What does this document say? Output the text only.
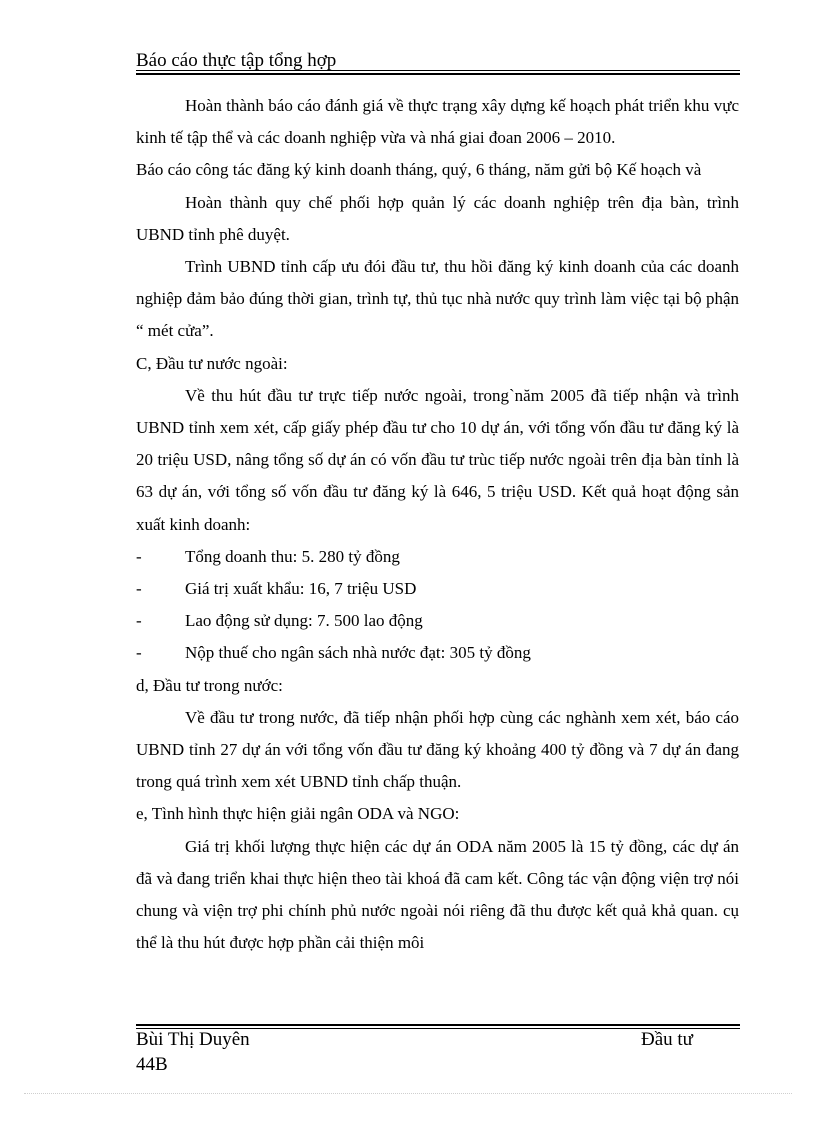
Báo cáo thực tập tổng hợp

Hoàn thành báo cáo đánh giá về thực trạng xây dựng kế hoạch phát triển khu vực kinh tế tập thể và các doanh nghiệp vừa và nhá giai đoan 2006 – 2010.

Báo cáo công tác đăng ký kinh doanh tháng, quý, 6 tháng, năm gửi bộ Kế hoạch và

Hoàn thành quy chế phối hợp quản lý các doanh nghiệp trên địa bàn, trình UBND tỉnh phê duyệt.

Trình UBND tỉnh cấp ưu đói đầu tư, thu hồi đăng ký kinh doanh của các doanh nghiệp đảm bảo đúng thời gian, trình tự, thủ tục nhà nước quy trình làm việc tại bộ phận “ mét cửa”.

C, Đầu tư nước ngoài:

Về thu hút đầu tư trực tiếp nước ngoài, trong`năm 2005 đã tiếp nhận và trình UBND tỉnh xem xét, cấp giấy phép đầu tư cho 10 dự án, với tổng vốn đầu tư đăng ký là 20 triệu USD, nâng tổng số dự án có vốn đầu tư trùc tiếp nước ngoài trên địa bàn tỉnh là 63 dự án, với tổng số vốn đầu tư đăng ký là 646, 5 triệu USD. Kết quả hoạt động sản xuất kinh doanh:

-	Tổng doanh thu: 5. 280 tỷ đồng
-	Giá trị xuất khẩu: 16, 7 triệu USD
-	Lao động sử dụng: 7. 500 lao động
-	Nộp thuế cho ngân sách nhà nước đạt: 305 tỷ đồng

d, Đầu tư trong nước:

Về đầu tư trong nước, đã tiếp nhận phối hợp cùng các nghành xem xét, báo cáo UBND tỉnh 27 dự án với tổng vốn đầu tư đăng ký khoảng 400 tỷ đồng và 7 dự án đang trong quá trình xem xét UBND tỉnh chấp thuận.

e, Tình hình thực hiện giải ngân ODA và NGO:

Giá trị khối lượng thực hiện các dự án ODA năm 2005 là 15 tỷ đồng, các dự án đã và đang triển khai thực hiện theo tài khoá đã cam kết. Công tác vận động viện trợ nói chung và viện trợ phi chính phủ nước ngoài nói riêng đã thu được kết quả khả quan. cụ thể là thu hút được hợp phần cải thiện môi

Bùi Thị Duyên
44B
Đầu tư
